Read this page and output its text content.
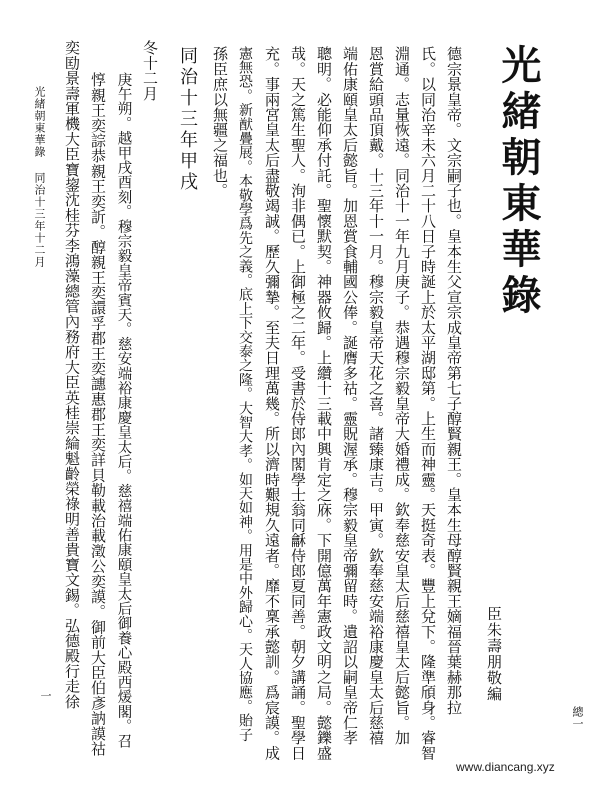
光緒朝東華錄
臣朱壽朋敬編
德宗景皇帝。文宗嗣子也。皇本生父宣宗成皇帝第七子醇賢親王。皇本生母醇賢親王嫡福晉葉赫那拉
氏。以同治辛未六月二十八日子時誕上於太平湖邸第。上生而神靈。天挺奇表。豐上兌下。隆準頎身。睿智
淵通。志量恢遠。同治十一年九月庚子。恭遇穆宗毅皇帝大婚禮成。欽奉慈安皇太后慈禧皇太后懿旨。加
恩賞給頭品頂戴。十三年十一月。穆宗毅皇帝天花之喜。諸臻康吉。甲寅。欽奉慈安端裕康慶皇太后慈禧
端佑康頤皇太后懿旨。加恩賞食輔國公俸。誕膺多祜。靈貺渥承。穆宗毅皇帝彌留時。遺詔以嗣皇帝仁孝
聰明。必能仰承付託。聖懷默契。神器攸歸。上纘十三載中興肯定之庥。下開億萬年憲政文明之局。懿鑠盛
哉。天之篤生聖人。洵非偶已。上御極之二年。受書於侍郎內閣學士翁同龢侍郎夏同善。朝夕講誦。聖學日
充。事兩宮皇太后盡敬竭誠。歷久彌摯。至夫日理萬幾。所以濟時艱規久遠者。靡不稟承懿訓。爲宸謨。成
憲無恐。新猷疊展。本敬學爲先之義。底上下交泰之隆。大智大孝。如天如神。用是中外歸心。天人協應。貽子
孫臣庶以無疆之福也。
同治十三年甲戌
冬十二月
庚午朔。越甲戌酉刻。穆宗毅皇帝賓天。慈安端裕康慶皇太后。慈禧端佑康頤皇太后御養心殿西煖閣。召
惇親王奕誴恭親王奕訢。醇親王奕譞孚郡王奕譓惠郡王奕詳貝勒載治載澂公奕謨。御前大臣伯彥訥謨祜
奕劻景壽軍機大臣寶鋆沈桂芬李鴻藻總管內務府大臣英桂崇綸魁齡榮祿明善貴寶文錫。弘德殿行走徐
光緒朝東華錄
同治十三年十二月
一
總一
www.diancang.xyz
